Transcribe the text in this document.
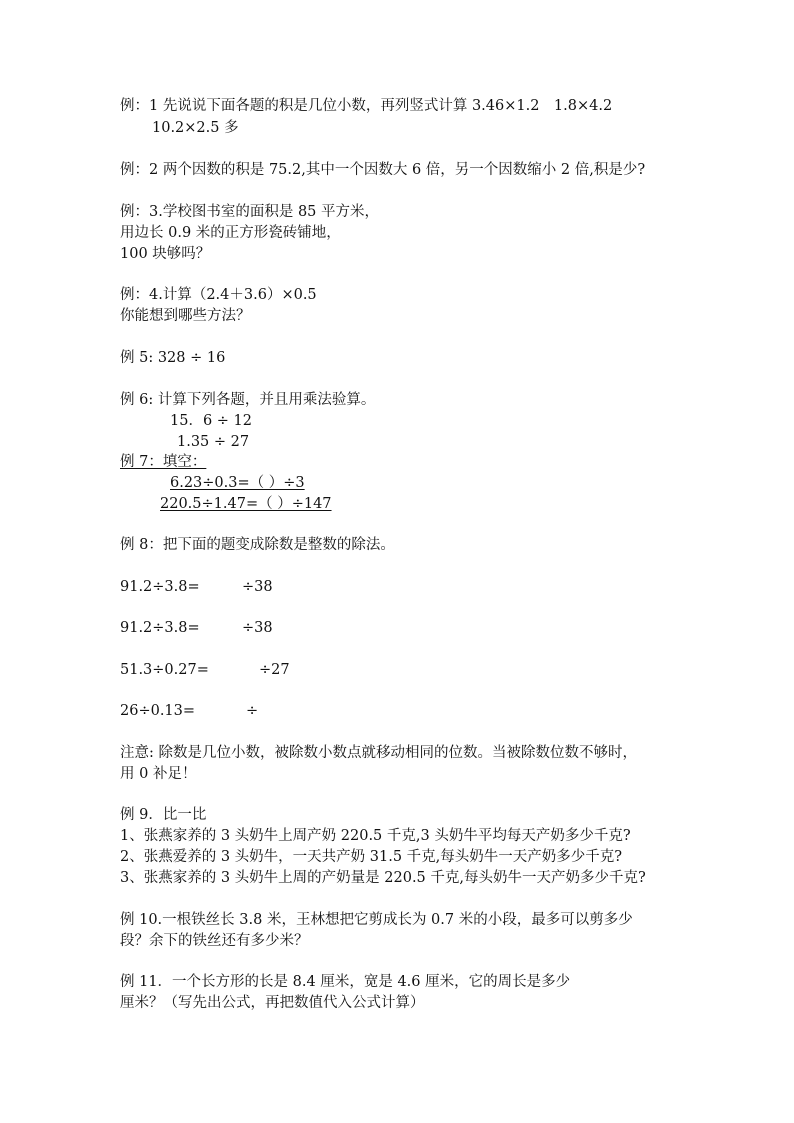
例：1 先说说下面各题的积是几位小数，再列竖式计算 3.46×1.2　1.8×4.2
10.2×2.5 多
例：2 两个因数的积是 75.2,其中一个因数大 6 倍，另一个因数缩小 2 倍,积是少?
例：3.学校图书室的面积是 85 平方米，
用边长 0.9 米的正方形瓷砖铺地，
100 块够吗？
例：4.计算（2.4＋3.6）×0.5
你能想到哪些方法？
例 5: 328 ÷ 16
例 6: 计算下列各题，并且用乘法验算。
15．6 ÷ 12
1.35 ÷ 27
例 7：填空：
6.23÷0.3=（ ）÷3
220.5÷1.47=（ ）÷147
例 8：把下面的题变成除数是整数的除法。
91.2÷3.8=	÷38
91.2÷3.8=	÷38
51.3÷0.27=	÷27
26÷0.13=	÷
注意: 除数是几位小数，被除数小数点就移动相同的位数。当被除数位数不够时，
用 0 补足！
例 9．比一比
1、张燕家养的 3 头奶牛上周产奶 220.5 千克,3 头奶牛平均每天产奶多少千克?
2、张燕爱养的 3 头奶牛，一天共产奶 31.5 千克,每头奶牛一天产奶多少千克?
3、张燕家养的 3 头奶牛上周的产奶量是 220.5 千克,每头奶牛一天产奶多少千克?
例 10.一根铁丝长 3.8 米，王林想把它剪成长为 0.7 米的小段，最多可以剪多少
段？余下的铁丝还有多少米？
例 11．一个长方形的长是 8.4 厘米，宽是 4.6 厘米，它的周长是多少
厘米？（写先出公式，再把数值代入公式计算）
